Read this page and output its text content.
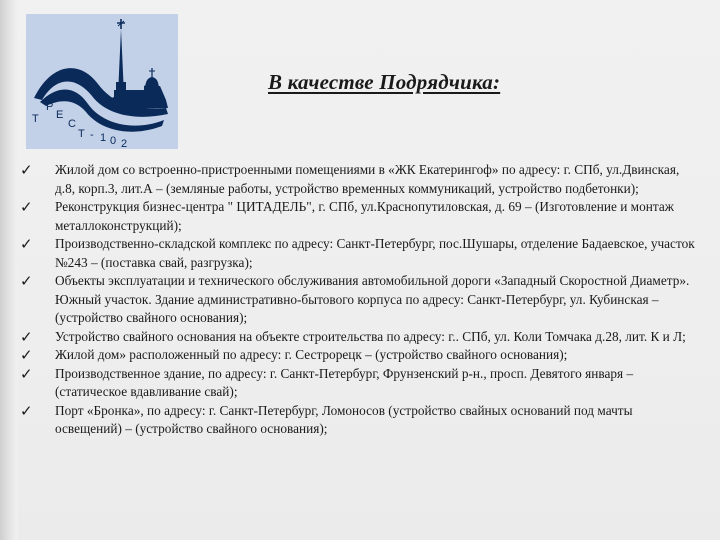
Т
Р
Е
С
Т - 1 0 2
В качестве Подрядчика:
✓ Жилой дом со встроенно-пристроенными помещениями в «ЖК Екатерингоф» по адресу: г. СПб, ул.Двинская, д.8, корп.3, лит.А – (земляные работы, устройство временных коммуникаций, устройство подбетонки);
✓ Реконструкция бизнес-центра " ЦИТАДЕЛЬ", г. СПб, ул.Краснопутиловская, д. 69 – (Изготовление и монтаж металлоконструкций);
✓ Производственно-складской комплекс по адресу: Санкт-Петербург, пос.Шушары, отделение Бадаевское, участок №243 – (поставка свай, разгрузка);
✓ Объекты эксплуатации и технического обслуживания автомобильной дороги «Западный Скоростной Диаметр». Южный участок. Здание административно-бытового корпуса по адресу: Санкт-Петербург, ул. Кубинская – (устройство свайного основания);
✓ Устройство свайного основания на объекте строительства по адресу: г.. СПб, ул. Коли Томчака д.28, лит. К и Л;
✓ Жилой дом» расположенный по адресу: г. Сестрорецк – (устройство свайного основания);
✓ Производственное здание, по адресу: г. Санкт-Петербург, Фрунзенский р-н., просп. Девятого января – (статическое вдавливание свай);
✓ Порт «Бронка», по адресу: г. Санкт-Петербург, Ломоносов (устройство свайных оснований под мачты освещений) – (устройство свайного основания);
